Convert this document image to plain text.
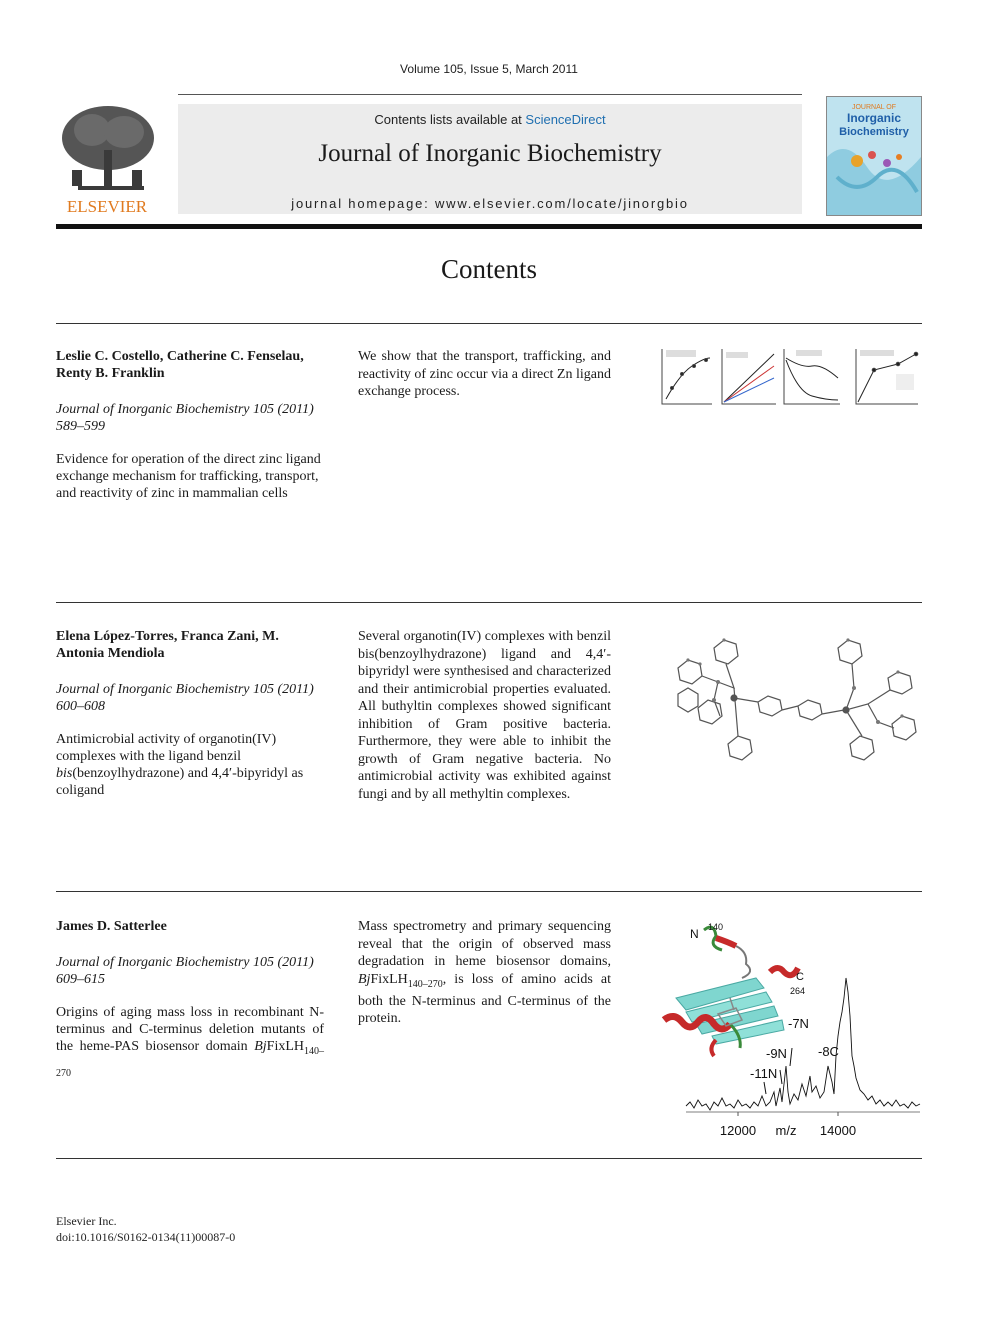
Volume 105, Issue 5, March 2011
ELSEVIER
Contents lists available at ScienceDirect
Journal of Inorganic Biochemistry
journal homepage: www.elsevier.com/locate/jinorgbio
JOURNAL OF
Inorganic
Biochemistry
Contents
Leslie C. Costello, Catherine C. Fenselau, Renty B. Franklin
Journal of Inorganic Biochemistry 105 (2011) 589–599
Evidence for operation of the direct zinc ligand exchange mechanism for trafficking, transport, and reactivity of zinc in mammalian cells
We show that the transport, trafficking, and reactivity of zinc occur via a direct Zn ligand exchange process.
Elena López-Torres, Franca Zani, M. Antonia Mendiola
Journal of Inorganic Biochemistry 105 (2011) 600–608
Antimicrobial activity of organotin(IV) complexes with the ligand benzil bis(benzoylhydrazone) and 4,4′-bipyridyl as coligand
Several organotin(IV) complexes with benzil bis(benzoylhydrazone) ligand and 4,4′-bipyridyl were synthesised and characterized and their antimicrobial properties evaluated. All buthyltin complexes showed significant inhibition of Gram positive bacteria. Furthermore, they were able to inhibit the growth of Gram negative bacteria. No antimicrobial activity was exhibited against fungi and by all methyltin complexes.
James D. Satterlee
Journal of Inorganic Biochemistry 105 (2011) 609–615
Origins of aging mass loss in recombinant N-terminus and C-terminus deletion mutants of the heme-PAS biosensor domain BjFixLH$_{140-270}$
Mass spectrometry and primary sequencing reveal that the origin of observed mass degradation in heme biosensor domains, BjFixLH$_{140-270}$, is loss of amino acids at both the N-terminus and C-terminus of the protein.
N 140
C
264
-7N
-8C
-9N
-11N
12000 m/z 14000
Elsevier Inc.
doi:10.1016/S0162-0134(11)00087-0
